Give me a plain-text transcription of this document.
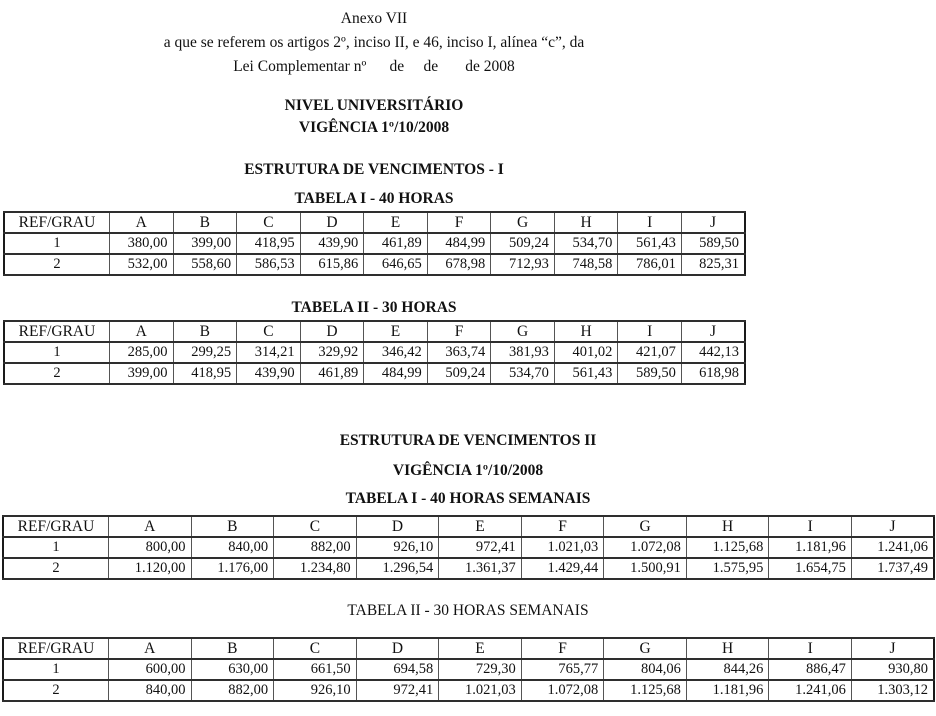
Anexo VII
a que se referem os artigos 2º, inciso II, e 46, inciso I, alínea “c”, da
Lei Complementar nº      de     de       de 2008
NIVEL UNIVERSITÁRIO
VIGÊNCIA 1º/10/2008
ESTRUTURA DE VENCIMENTOS - I
TABELA I - 40 HORAS
REF/GRAU	A	B	C	D	E	F	G	H	I	J
1	380,00	399,00	418,95	439,90	461,89	484,99	509,24	534,70	561,43	589,50
2	532,00	558,60	586,53	615,86	646,65	678,98	712,93	748,58	786,01	825,31
TABELA II - 30 HORAS
REF/GRAU	A	B	C	D	E	F	G	H	I	J
1	285,00	299,25	314,21	329,92	346,42	363,74	381,93	401,02	421,07	442,13
2	399,00	418,95	439,90	461,89	484,99	509,24	534,70	561,43	589,50	618,98
ESTRUTURA DE VENCIMENTOS II
VIGÊNCIA 1º/10/2008
TABELA I - 40 HORAS SEMANAIS
REF/GRAU	A	B	C	D	E	F	G	H	I	J
1	800,00	840,00	882,00	926,10	972,41	1.021,03	1.072,08	1.125,68	1.181,96	1.241,06
2	1.120,00	1.176,00	1.234,80	1.296,54	1.361,37	1.429,44	1.500,91	1.575,95	1.654,75	1.737,49
TABELA II - 30 HORAS SEMANAIS
REF/GRAU	A	B	C	D	E	F	G	H	I	J
1	600,00	630,00	661,50	694,58	729,30	765,77	804,06	844,26	886,47	930,80
2	840,00	882,00	926,10	972,41	1.021,03	1.072,08	1.125,68	1.181,96	1.241,06	1.303,12
